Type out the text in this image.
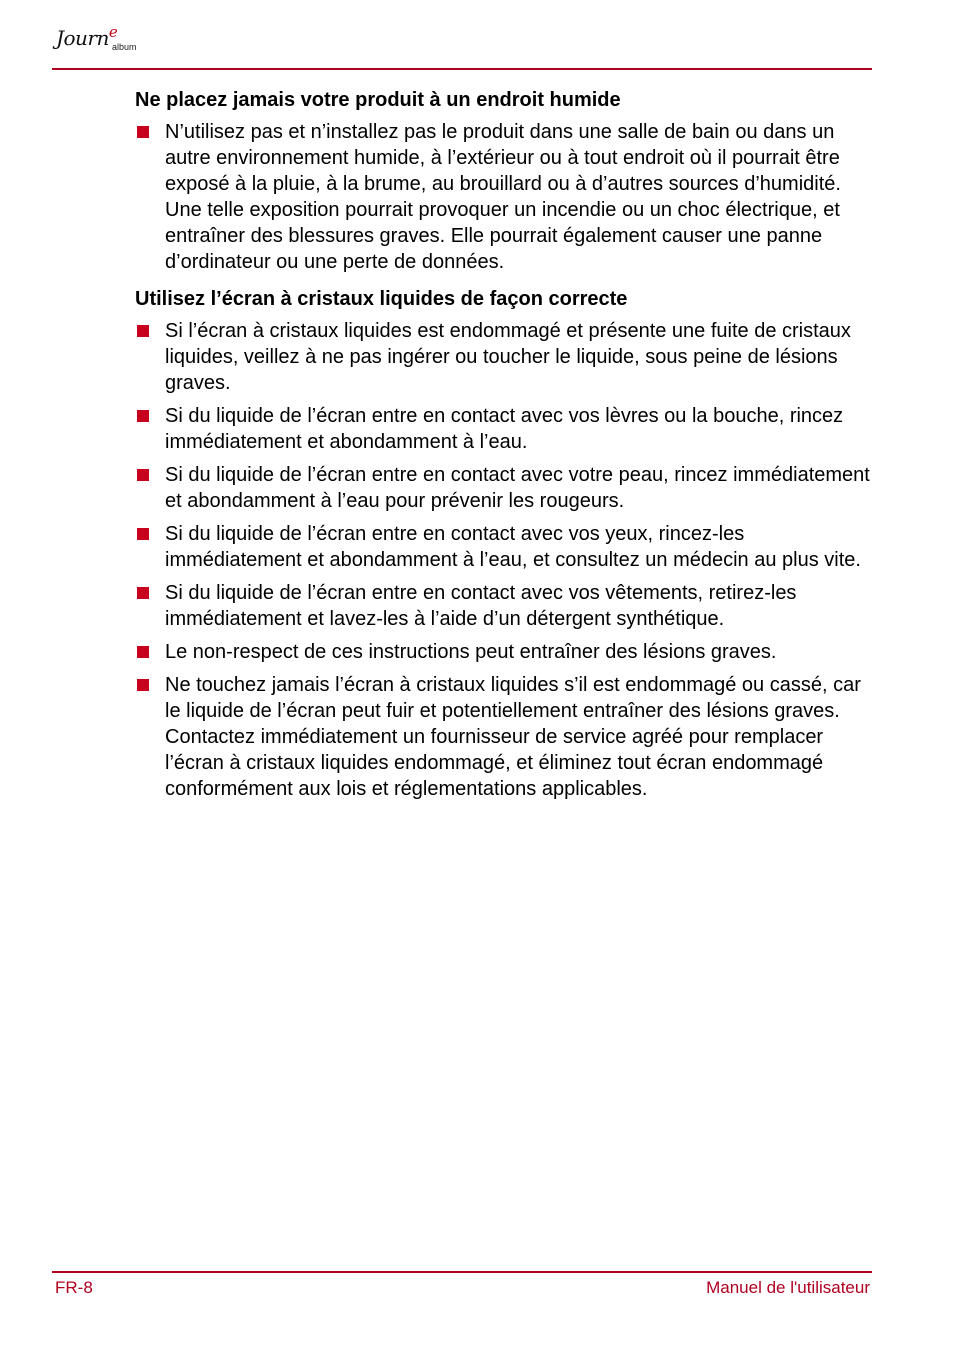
Journ$^e$
album
Ne placez jamais votre produit à un endroit humide
N’utilisez pas et n’installez pas le produit dans une salle de bain ou dans un autre environnement humide, à l’extérieur ou à tout endroit où il pourrait être exposé à la pluie, à la brume, au brouillard ou à d’autres sources d’humidité. Une telle exposition pourrait provoquer un incendie ou un choc électrique, et entraîner des blessures graves. Elle pourrait également causer une panne d’ordinateur ou une perte de données.
Utilisez l’écran à cristaux liquides de façon correcte
Si l’écran à cristaux liquides est endommagé et présente une fuite de cristaux liquides, veillez à ne pas ingérer ou toucher le liquide, sous peine de lésions graves.
Si du liquide de l’écran entre en contact avec vos lèvres ou la bouche, rincez immédiatement et abondamment à l’eau.
Si du liquide de l’écran entre en contact avec votre peau, rincez immédiatement et abondamment à l’eau pour prévenir les rougeurs.
Si du liquide de l’écran entre en contact avec vos yeux, rincez-les immédiatement et abondamment à l’eau, et consultez un médecin au plus vite.
Si du liquide de l’écran entre en contact avec vos vêtements, retirez-les immédiatement et lavez-les à l’aide d’un détergent synthétique.
Le non-respect de ces instructions peut entraîner des lésions graves.
Ne touchez jamais l’écran à cristaux liquides s’il est endommagé ou cassé, car le liquide de l’écran peut fuir et potentiellement entraîner des lésions graves. Contactez immédiatement un fournisseur de service agréé pour remplacer l’écran à cristaux liquides endommagé, et éliminez tout écran endommagé conformément aux lois et réglementations applicables.
FR-8	Manuel de l'utilisateur
